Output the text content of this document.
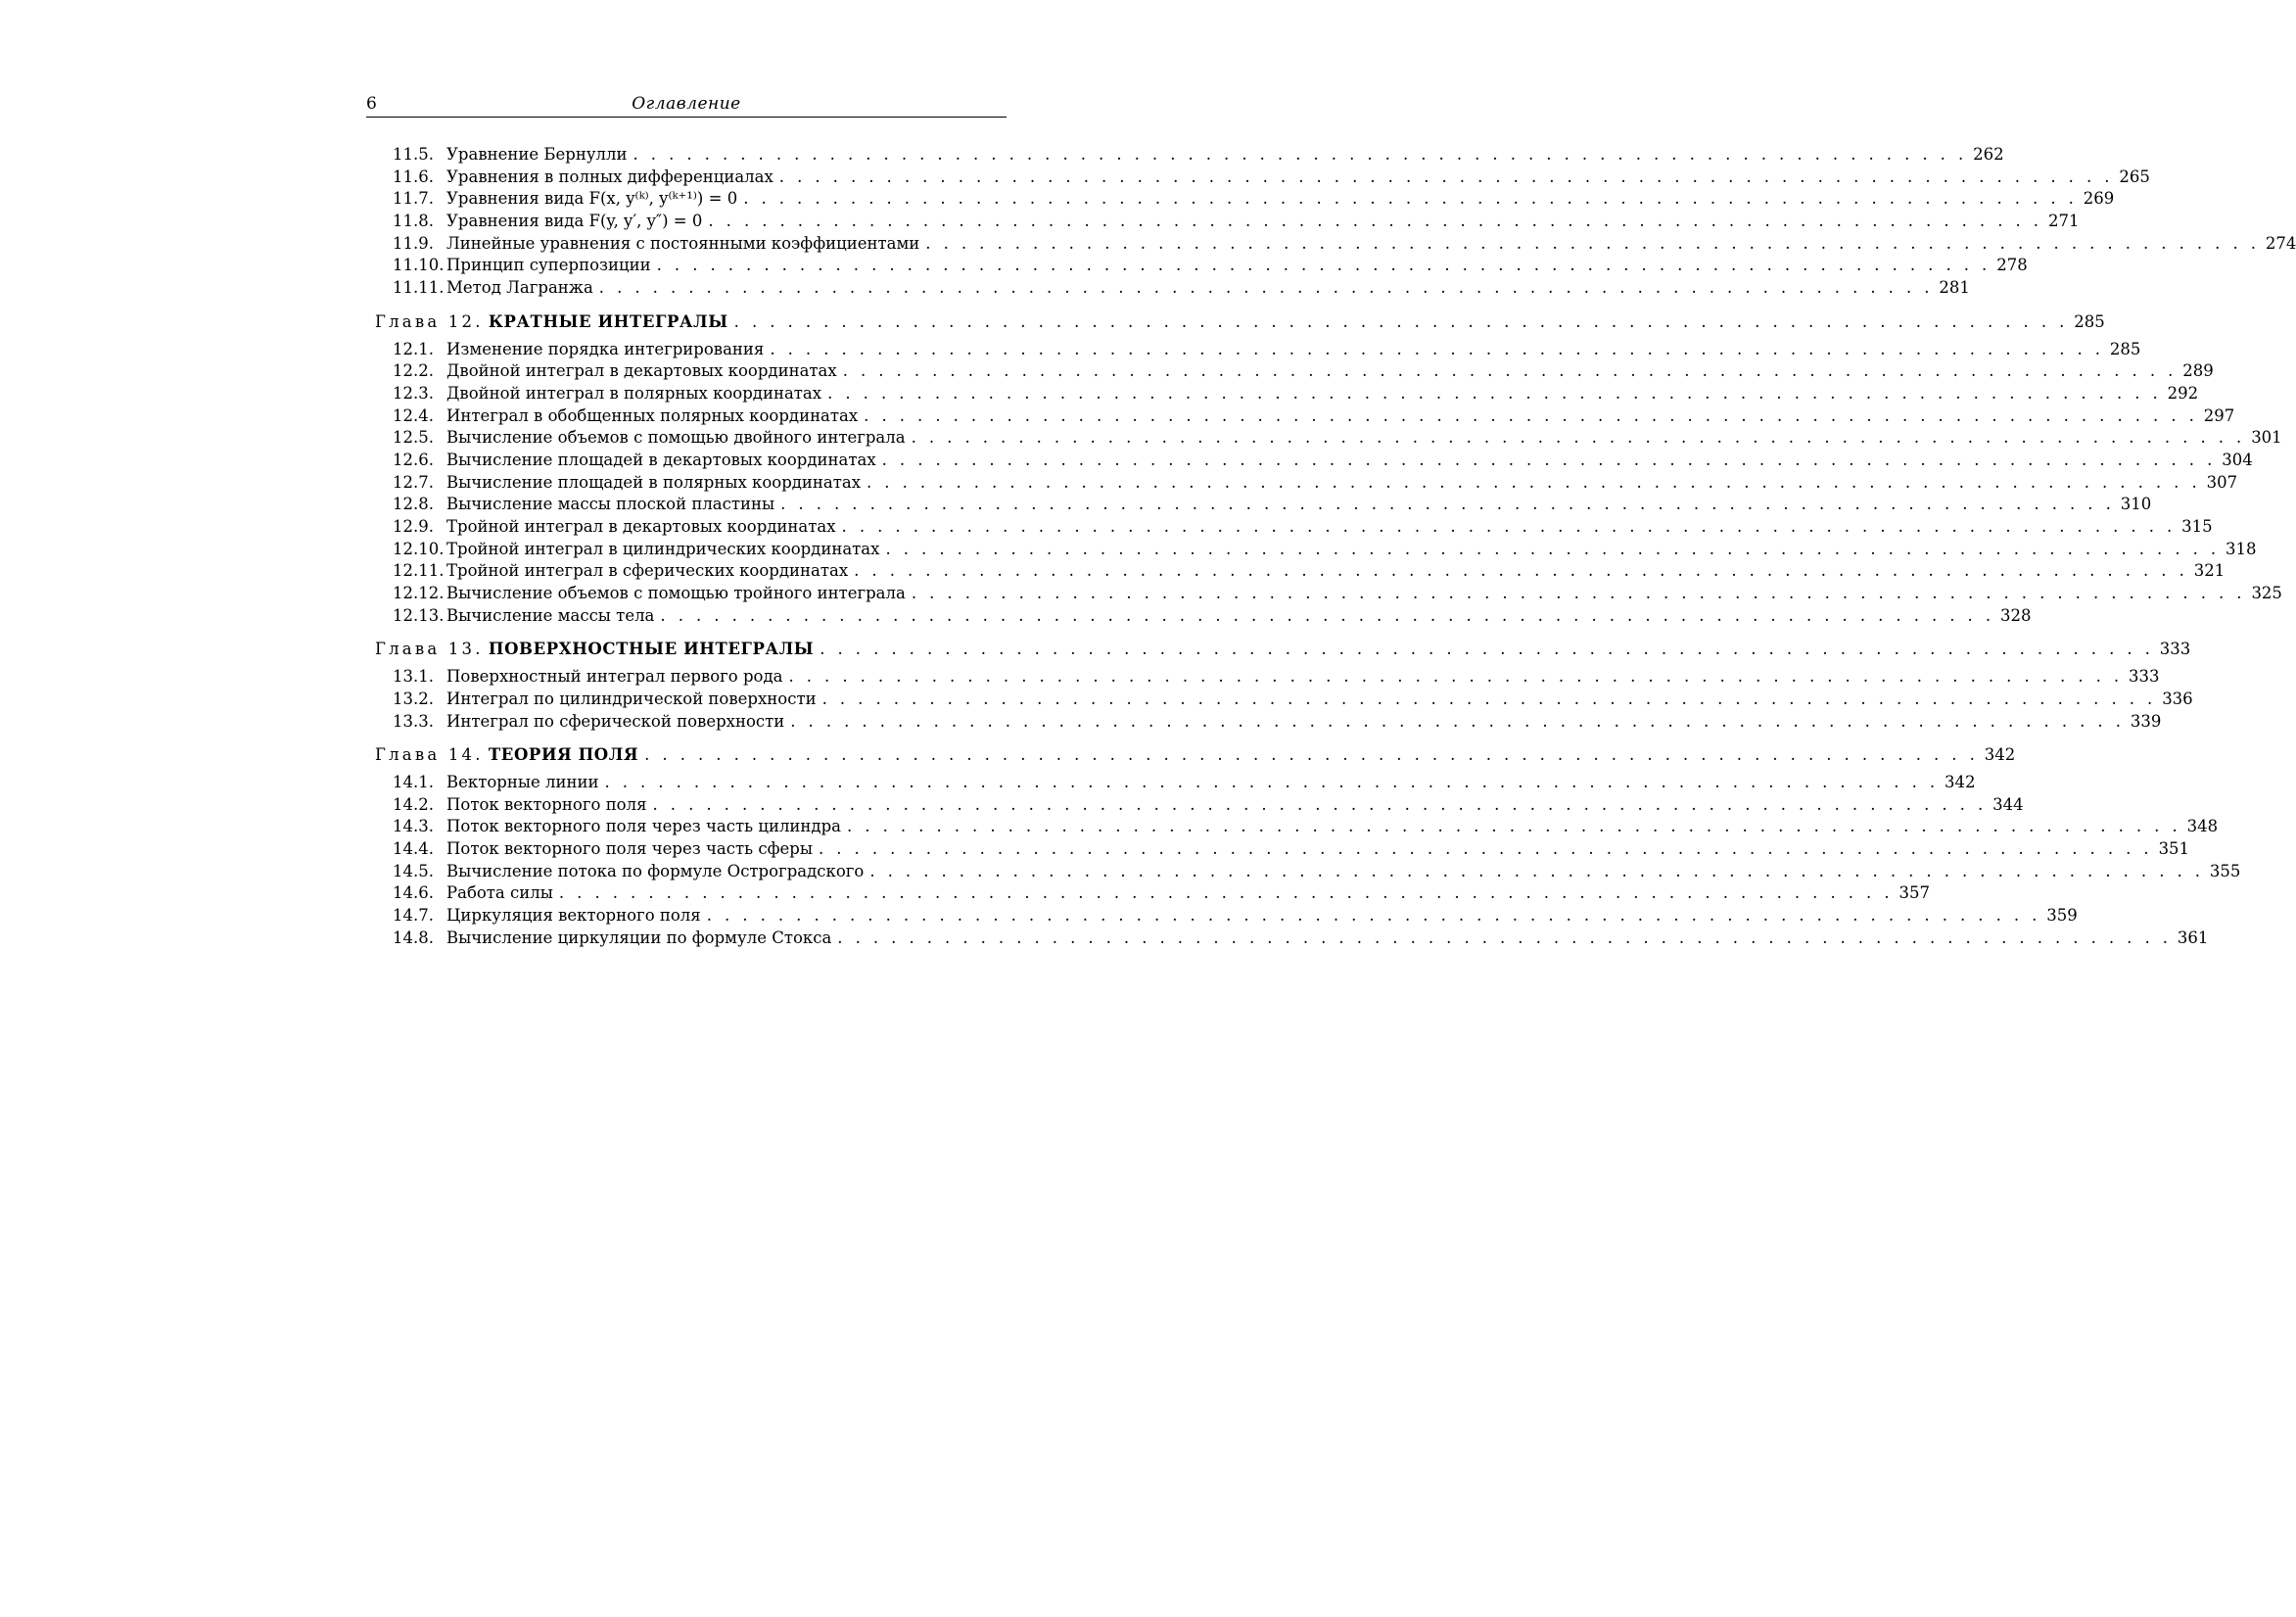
6	Оглавление
11.5. Уравнение Бернулли . . . . . . . . . . . . . . . . . . . . . . . . . . . . . . . . . . . . . . . . . . . . . . . . . . . . . . . . . . . . . . . . . . . . . . . . . . . 262
11.6. Уравнения в полных дифференциалах . . . . . . . . . . . . . . . . . . . . . . . . . . . . . . . . . . . . . . . . . . . . . . . . . . . . . . . . . . . . . . . . . . . . . . . . . . . 265
11.7. Уравнения вида F(x, y⁽ᵏ⁾, y⁽ᵏ⁺¹⁾) = 0 . . . . . . . . . . . . . . . . . . . . . . . . . . . . . . . . . . . . . . . . . . . . . . . . . . . . . . . . . . . . . . . . . . . . . . . . . . . 269
11.8. Уравнения вида F(y, y′, y″) = 0 . . . . . . . . . . . . . . . . . . . . . . . . . . . . . . . . . . . . . . . . . . . . . . . . . . . . . . . . . . . . . . . . . . . . . . . . . . . 271
11.9. Линейные уравнения с постоянными коэффициентами . . . . . . . . . . . . . . . . . . . . . . . . . . . . . . . . . . . . . . . . . . . . . . . . . . . . . . . . . . . . . . . . . . . . . . . . . . . 274
11.10. Принцип суперпозиции . . . . . . . . . . . . . . . . . . . . . . . . . . . . . . . . . . . . . . . . . . . . . . . . . . . . . . . . . . . . . . . . . . . . . . . . . . . 278
11.11. Метод Лагранжа . . . . . . . . . . . . . . . . . . . . . . . . . . . . . . . . . . . . . . . . . . . . . . . . . . . . . . . . . . . . . . . . . . . . . . . . . . . 281
Глава 12.
КРАТНЫЕ ИНТЕГРАЛЫ . . . . . . . . . . . . . . . . . . . . . . . . . . . . . . . . . . . . . . . . . . . . . . . . . . . . . . . . . . . . . . . . . . . . . . . . . . . 285
12.1. Изменение порядка интегрирования . . . . . . . . . . . . . . . . . . . . . . . . . . . . . . . . . . . . . . . . . . . . . . . . . . . . . . . . . . . . . . . . . . . . . . . . . . . 285
12.2. Двойной интеграл в декартовых координатах . . . . . . . . . . . . . . . . . . . . . . . . . . . . . . . . . . . . . . . . . . . . . . . . . . . . . . . . . . . . . . . . . . . . . . . . . . . 289
12.3. Двойной интеграл в полярных координатах . . . . . . . . . . . . . . . . . . . . . . . . . . . . . . . . . . . . . . . . . . . . . . . . . . . . . . . . . . . . . . . . . . . . . . . . . . . 292
12.4. Интеграл в обобщенных полярных координатах . . . . . . . . . . . . . . . . . . . . . . . . . . . . . . . . . . . . . . . . . . . . . . . . . . . . . . . . . . . . . . . . . . . . . . . . . . . 297
12.5. Вычисление объемов с помощью двойного интеграла . . . . . . . . . . . . . . . . . . . . . . . . . . . . . . . . . . . . . . . . . . . . . . . . . . . . . . . . . . . . . . . . . . . . . . . . . . . 301
12.6. Вычисление площадей в декартовых координатах . . . . . . . . . . . . . . . . . . . . . . . . . . . . . . . . . . . . . . . . . . . . . . . . . . . . . . . . . . . . . . . . . . . . . . . . . . . 304
12.7. Вычисление площадей в полярных координатах . . . . . . . . . . . . . . . . . . . . . . . . . . . . . . . . . . . . . . . . . . . . . . . . . . . . . . . . . . . . . . . . . . . . . . . . . . . 307
12.8. Вычисление массы плоской пластины . . . . . . . . . . . . . . . . . . . . . . . . . . . . . . . . . . . . . . . . . . . . . . . . . . . . . . . . . . . . . . . . . . . . . . . . . . . 310
12.9. Тройной интеграл в декартовых координатах . . . . . . . . . . . . . . . . . . . . . . . . . . . . . . . . . . . . . . . . . . . . . . . . . . . . . . . . . . . . . . . . . . . . . . . . . . . 315
12.10. Тройной интеграл в цилиндрических координатах . . . . . . . . . . . . . . . . . . . . . . . . . . . . . . . . . . . . . . . . . . . . . . . . . . . . . . . . . . . . . . . . . . . . . . . . . . . 318
12.11. Тройной интеграл в сферических координатах . . . . . . . . . . . . . . . . . . . . . . . . . . . . . . . . . . . . . . . . . . . . . . . . . . . . . . . . . . . . . . . . . . . . . . . . . . . 321
12.12. Вычисление объемов с помощью тройного интеграла . . . . . . . . . . . . . . . . . . . . . . . . . . . . . . . . . . . . . . . . . . . . . . . . . . . . . . . . . . . . . . . . . . . . . . . . . . . 325
12.13. Вычисление массы тела . . . . . . . . . . . . . . . . . . . . . . . . . . . . . . . . . . . . . . . . . . . . . . . . . . . . . . . . . . . . . . . . . . . . . . . . . . . 328
Глава 13.
ПОВЕРХНОСТНЫЕ ИНТЕГРАЛЫ . . . . . . . . . . . . . . . . . . . . . . . . . . . . . . . . . . . . . . . . . . . . . . . . . . . . . . . . . . . . . . . . . . . . . . . . . . . 333
13.1. Поверхностный интеграл первого рода . . . . . . . . . . . . . . . . . . . . . . . . . . . . . . . . . . . . . . . . . . . . . . . . . . . . . . . . . . . . . . . . . . . . . . . . . . . 333
13.2. Интеграл по цилиндрической поверхности . . . . . . . . . . . . . . . . . . . . . . . . . . . . . . . . . . . . . . . . . . . . . . . . . . . . . . . . . . . . . . . . . . . . . . . . . . . 336
13.3. Интеграл по сферической поверхности . . . . . . . . . . . . . . . . . . . . . . . . . . . . . . . . . . . . . . . . . . . . . . . . . . . . . . . . . . . . . . . . . . . . . . . . . . . 339
Глава 14.
ТЕОРИЯ ПОЛЯ . . . . . . . . . . . . . . . . . . . . . . . . . . . . . . . . . . . . . . . . . . . . . . . . . . . . . . . . . . . . . . . . . . . . . . . . . . . 342
14.1. Векторные линии . . . . . . . . . . . . . . . . . . . . . . . . . . . . . . . . . . . . . . . . . . . . . . . . . . . . . . . . . . . . . . . . . . . . . . . . . . . 342
14.2. Поток векторного поля . . . . . . . . . . . . . . . . . . . . . . . . . . . . . . . . . . . . . . . . . . . . . . . . . . . . . . . . . . . . . . . . . . . . . . . . . . . 344
14.3. Поток векторного поля через часть цилиндра . . . . . . . . . . . . . . . . . . . . . . . . . . . . . . . . . . . . . . . . . . . . . . . . . . . . . . . . . . . . . . . . . . . . . . . . . . . 348
14.4. Поток векторного поля через часть сферы . . . . . . . . . . . . . . . . . . . . . . . . . . . . . . . . . . . . . . . . . . . . . . . . . . . . . . . . . . . . . . . . . . . . . . . . . . . 351
14.5. Вычисление потока по формуле Остроградского . . . . . . . . . . . . . . . . . . . . . . . . . . . . . . . . . . . . . . . . . . . . . . . . . . . . . . . . . . . . . . . . . . . . . . . . . . . 355
14.6. Работа силы . . . . . . . . . . . . . . . . . . . . . . . . . . . . . . . . . . . . . . . . . . . . . . . . . . . . . . . . . . . . . . . . . . . . . . . . . . . 357
14.7. Циркуляция векторного поля . . . . . . . . . . . . . . . . . . . . . . . . . . . . . . . . . . . . . . . . . . . . . . . . . . . . . . . . . . . . . . . . . . . . . . . . . . . 359
14.8. Вычисление циркуляции по формуле Стокса . . . . . . . . . . . . . . . . . . . . . . . . . . . . . . . . . . . . . . . . . . . . . . . . . . . . . . . . . . . . . . . . . . . . . . . . . . . 361
